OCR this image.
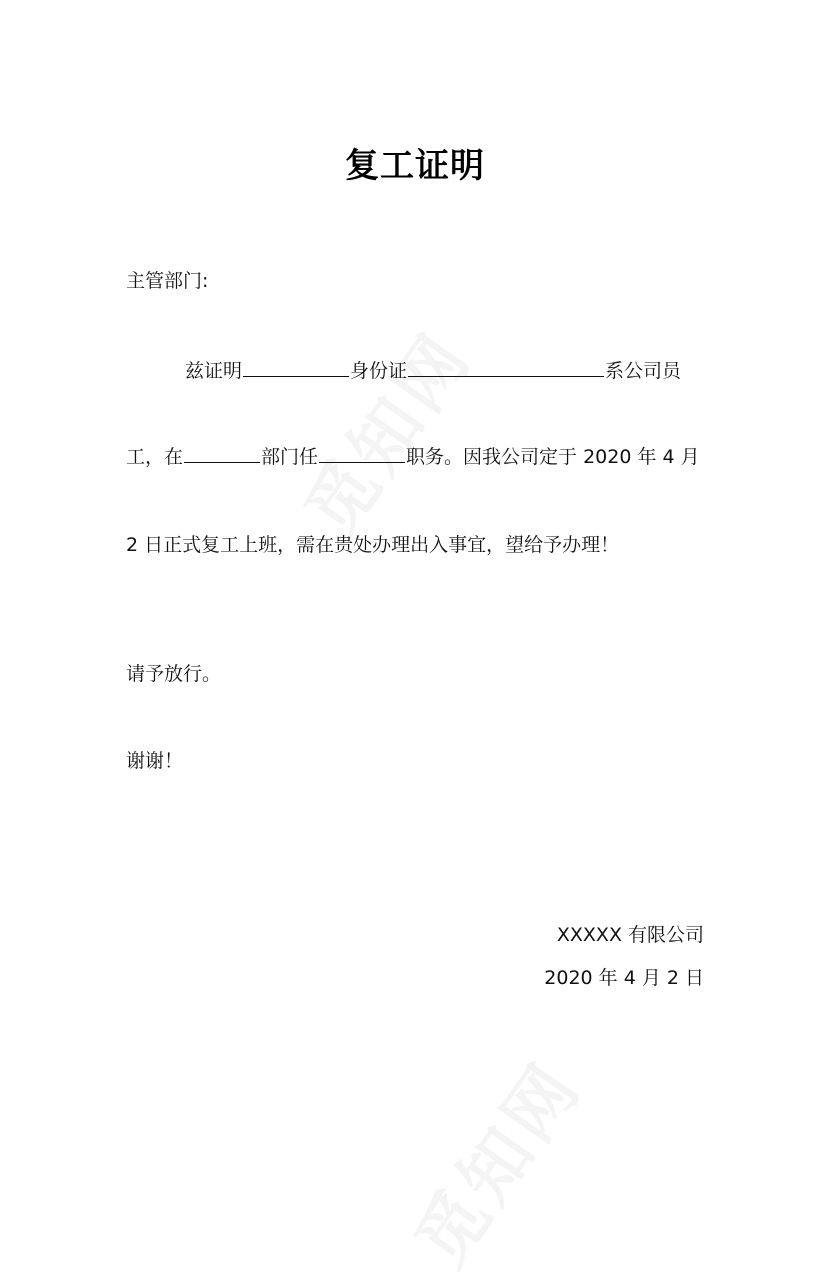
复工证明
主管部门:
兹证明	身份证	系公司员
工，在	部门任	职务。因我公司定于 2020 年 4 月
2 日正式复工上班，需在贵处办理出入事宜，望给予办理！
请予放行。
谢谢！
XXXXX 有限公司
2020 年 4 月 2 日
